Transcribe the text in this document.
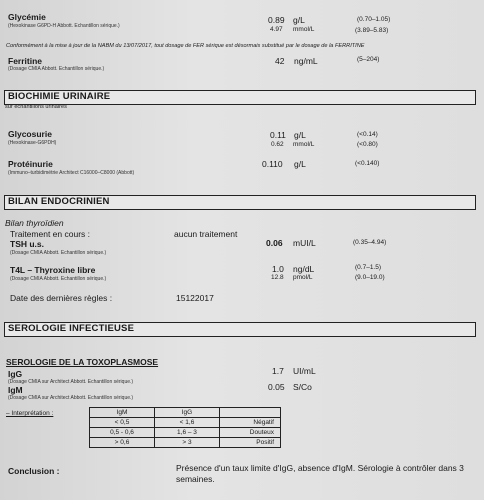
Glycémie
(Hexokinase G6PD-H Abbott. Echantillon sérique.)
0.89 g/L	(0.70–1.05)
4.97 mmol/L	(3.89–5.83)
Conformément à la mise à jour de la NABM du 13/07/2017, tout dosage de FER sérique est désormais substitué par le dosage de la FERRITINE
Ferritine
(Dosage CMIA Abbott. Echantillon sérique.)
42 ng/mL	(5–204)
BIOCHIMIE URINAIRE
sur échantillons urinaires
Glycosurie
(Hexokinase-G6PDH)
0.11 g/L	(<0.14)
0.62 mmol/L	(<0.80)
Protéinurie
(Immuno–turbidimétrie Architect C16000–C8000 (Abbott)
0.110 g/L	(<0.140)
BILAN ENDOCRINIEN
Bilan thyroïdien
Traitement en cours :	aucun traitement
TSH u.s.
(Dosage CMIA Abbott. Echantillon sérique.)
0.06 mUI/L	(0.35–4.94)
T4L – Thyroxine libre
(Dosage CMIA Abbott. Echantillon sérique.)
1.0 ng/dL	(0.7–1.5)
12.8 pmol/L	(9.0–19.0)
Date des dernières règles :	15122017
SEROLOGIE INFECTIEUSE
SEROLOGIE DE LA TOXOPLASMOSE
IgG
(Dosage CMIA sur Architect Abbott. Echantillon sérique.)
1.7 UI/mL
IgM
(Dosage CMIA sur Architect Abbott. Echantillon sérique.)
0.05 S/Co
– Interprétation :	IgM	IgG	
< 0,5	< 1,6	Négatif
0,5 - 0,6	1,6 – 3	Douteux
> 0,6	> 3	Positif
Conclusion :	Présence d'un taux limite d'IgG, absence d'IgM. Sérologie à contrôler dans 3
semaines.
